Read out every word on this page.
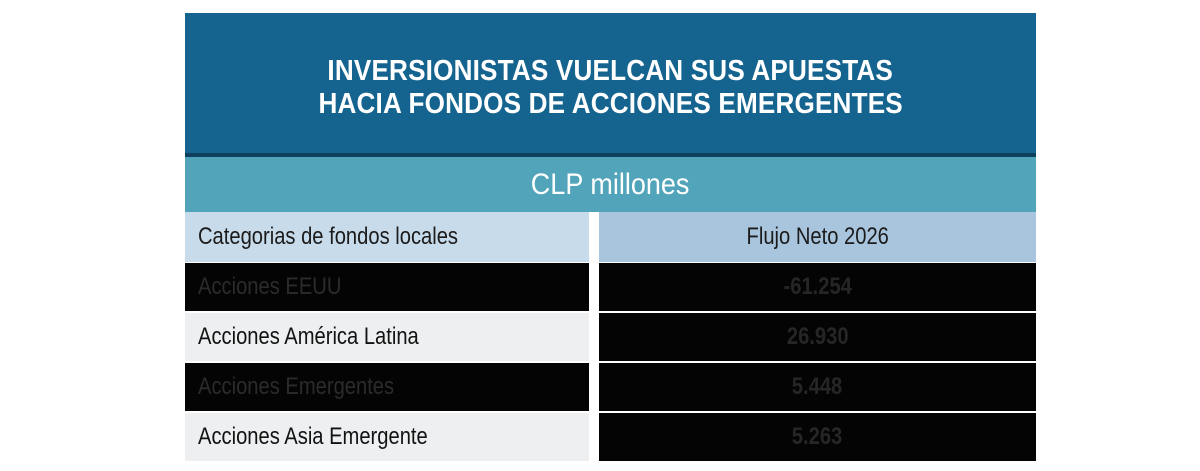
INVERSIONISTAS VUELCAN SUS APUESTAS
HACIA FONDOS DE ACCIONES EMERGENTES
CLP millones
Categorias de fondos locales	Flujo Neto 2026
Acciones EEUU	-61.254
Acciones América Latina	26.930
Acciones Emergentes	5.448
Acciones Asia Emergente	5.263
